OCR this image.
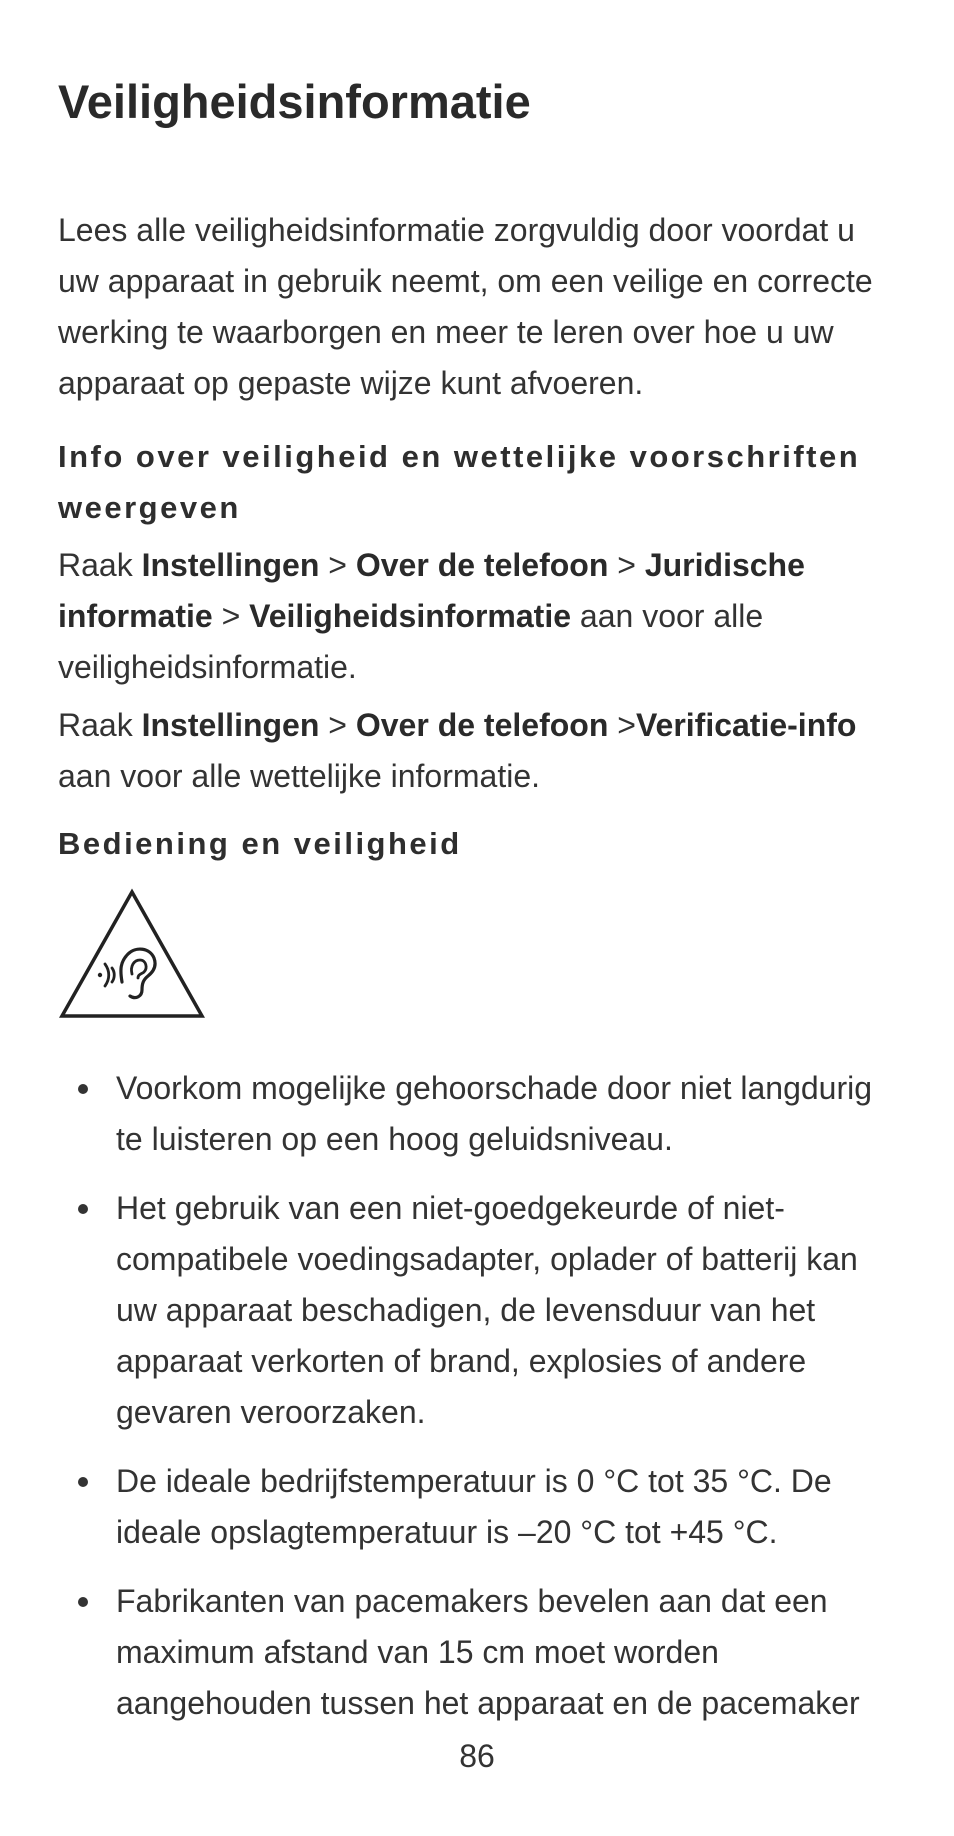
Veiligheidsinformatie

Lees alle veiligheidsinformatie zorgvuldig door voordat u uw apparaat in gebruik neemt, om een veilige en correcte werking te waarborgen en meer te leren over hoe u uw apparaat op gepaste wijze kunt afvoeren.

Info over veiligheid en wettelijke voorschriften weergeven

Raak Instellingen > Over de telefoon > Juridische informatie > Veiligheidsinformatie aan voor alle veiligheidsinformatie.

Raak Instellingen > Over de telefoon >Verificatie-info aan voor alle wettelijke informatie.

Bediening en veiligheid
Voorkom mogelijke gehoorschade door niet langdurig te luisteren op een hoog geluidsniveau.
Het gebruik van een niet-goedgekeurde of niet-compatibele voedingsadapter, oplader of batterij kan uw apparaat beschadigen, de levensduur van het apparaat verkorten of brand, explosies of andere gevaren veroorzaken.
De ideale bedrijfstemperatuur is 0 °C tot 35 °C. De ideale opslagtemperatuur is –20 °C tot +45 °C.
Fabrikanten van pacemakers bevelen aan dat een maximum afstand van 15 cm moet worden aangehouden tussen het apparaat en de pacemaker
86
